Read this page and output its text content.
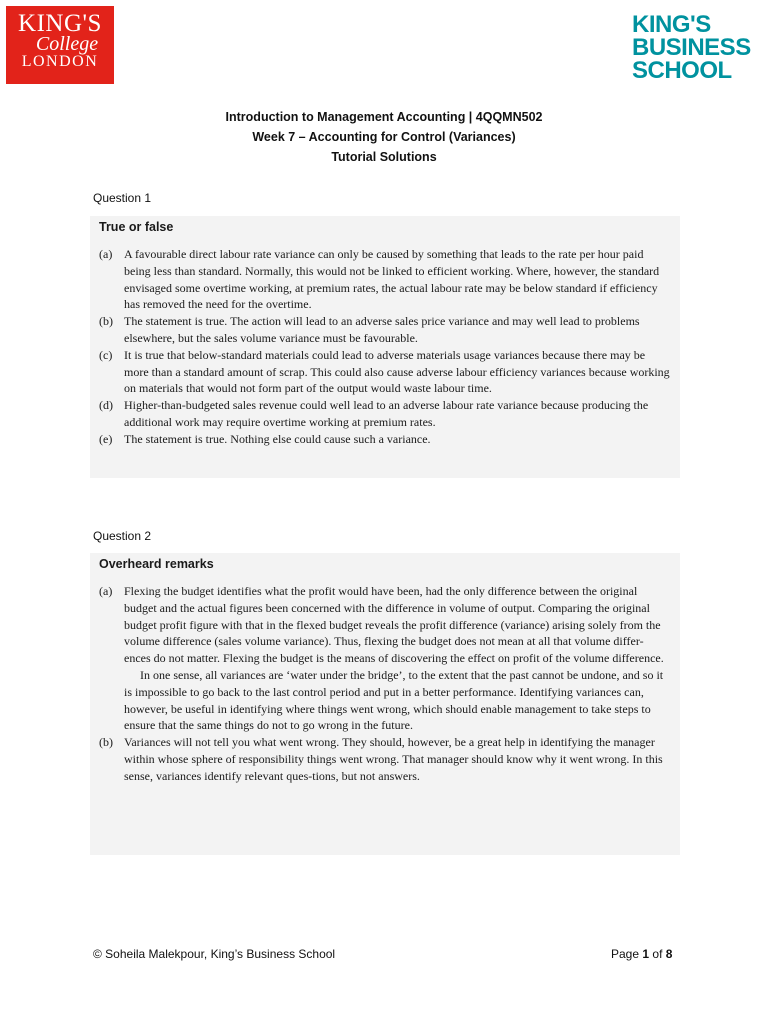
KING'S
College
LONDON
KING'S
BUSINESS
SCHOOL
Introduction to Management Accounting | 4QQMN502
Week 7 – Accounting for Control (Variances)
Tutorial Solutions
Question 1
True or false
(a) A favourable direct labour rate variance can only be caused by something that leads to the rate per hour paid being less than standard. Normally, this would not be linked to efficient working. Where, however, the standard envisaged some overtime working, at premium rates, the actual labour rate may be below standard if efficiency has removed the need for the overtime.

(b) The statement is true. The action will lead to an adverse sales price variance and may well lead to problems elsewhere, but the sales volume variance must be favourable.

(c) It is true that below-standard materials could lead to adverse materials usage variances because there may be more than a standard amount of scrap. This could also cause adverse labour efficiency variances because working on materials that would not form part of the output would waste labour time.

(d) Higher-than-budgeted sales revenue could well lead to an adverse labour rate variance because producing the additional work may require overtime working at premium rates.

(e) The statement is true. Nothing else could cause such a variance.

Question 2
Overheard remarks
(a) Flexing the budget identifies what the profit would have been, had the only difference between the original budget and the actual figures been concerned with the difference in volume of output. Comparing the original budget profit figure with that in the flexed budget reveals the profit difference (variance) arising solely from the volume difference (sales volume variance). Thus, flexing the budget does not mean at all that volume differ-ences do not matter. Flexing the budget is the means of discovering the effect on profit of the volume difference.

In one sense, all variances are ‘water under the bridge’, to the extent that the past cannot be undone, and so it is impossible to go back to the last control period and put in a better performance. Identifying variances can, however, be useful in identifying where things went wrong, which should enable management to take steps to ensure that the same things do not to go wrong in the future.

(b) Variances will not tell you what went wrong. They should, however, be a great help in identifying the manager within whose sphere of responsibility things went wrong. That manager should know why it went wrong. In this sense, variances identify relevant ques-tions, but not answers.

© Soheila Malekpour, King’s Business School	Page 1 of 8
